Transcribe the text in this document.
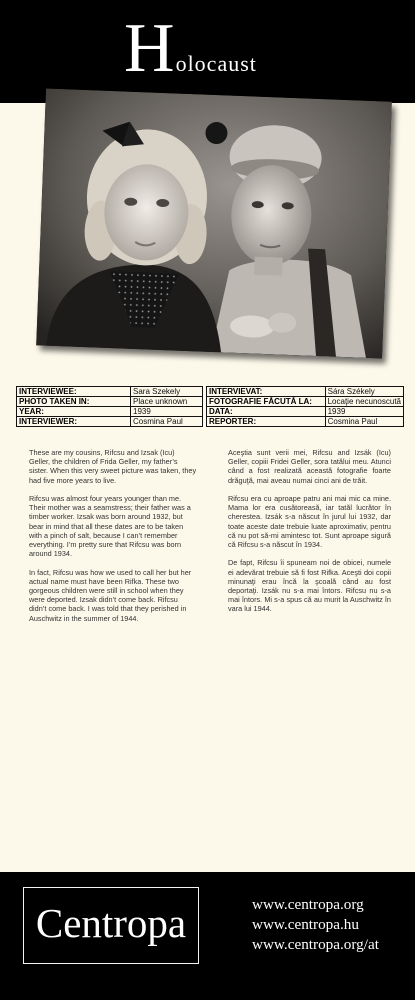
Holocaust
INTERVIEWEE:	Sara Szekely
PHOTO TAKEN IN:	Place unknown
YEAR:	1939
INTERVIEWER:	Cosmina Paul
INTERVIEVAT:	Sára Székely
FOTOGRAFIE FĂCUTĂ LA:	Locaţie necunoscută
DATA:	1939
REPORTER:	Cosmina Paul

These are my cousins, Rifcsu and Izsak (Icu) Geller, the children of Frida Geller, my father’s sister. When this very sweet picture was taken, they had five more years to live.

Rifcsu was almost four years younger than me. Their mother was a seamstress; their father was a timber worker. Izsak was born around 1932, but bear in mind that all these dates are to be taken with a pinch of salt, because I can’t remember everything. I’m pretty sure that Rifcsu was born around 1934.

In fact, Rifcsu was how we used to call her but her actual name must have been Rifka. These two gorgeous children were still in school when they were deported. Izsak didn’t come back. Rifcsu didn’t come back. I was told that they perished in Auschwitz in the summer of 1944.

Aceştia sunt verii mei, Rifcsu and Izsák (Icu) Geller, copiii Fridei Geller, sora tatălui meu. Atunci când a fost realizată această fotografie foarte drăguţă, mai aveau numai cinci ani de trăit.

Rifcsu era cu aproape patru ani mai mic ca mine. Mama lor era cusătoreasă, iar tatăl lucrător în cherestea. Izsák s-a născut în jurul lui 1932, dar toate aceste date trebuie luate aproximativ, pentru că nu pot să-mi amintesc tot. Sunt aproape sigură că Rifcsu s-a născut în 1934.

De fapt, Rifcsu îi spuneam noi de obicei, numele ei adevărat trebuie să fi fost Rifka. Aceşti doi copii minunaţi erau încă la şcoală când au fost deportaţi. Izsák nu s-a mai întors. Rifcsu nu s-a mai întors. Mi s-a spus că au murit la Auschwitz în vara lui 1944.

Centropa	www.centropa.org
www.centropa.hu
www.centropa.org/at
